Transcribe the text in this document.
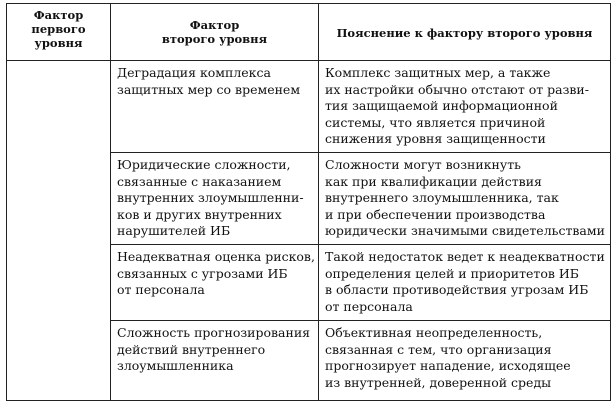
Фактор
первого
уровня	Фактор
второго уровня	Пояснение к фактору второго уровня

	Деградация комплекса
защитных мер со временем	Комплекс защитных мер, а также
их настройки обычно отстают от разви-
тия защищаемой информационной
системы, что является причиной
снижения уровня защищенности

	Юридические сложности,
связанные с наказанием
внутренних злоумышленни-
ков и других внутренних
нарушителей ИБ	Сложности могут возникнуть
как при квалификации действия
внутреннего злоумышленника, так
и при обеспечении производства
юридически значимыми свидетельствами

	Неадекватная оценка рисков,
связанных с угрозами ИБ
от персонала	Такой недостаток ведет к неадекватности
определения целей и приоритетов ИБ
в области противодействия угрозам ИБ
от персонала

	Сложность прогнозирования
действий внутреннего
злоумышленника	Объективная неопределенность,
связанная с тем, что организация
прогнозирует нападение, исходящее
из внутренней, доверенной среды
